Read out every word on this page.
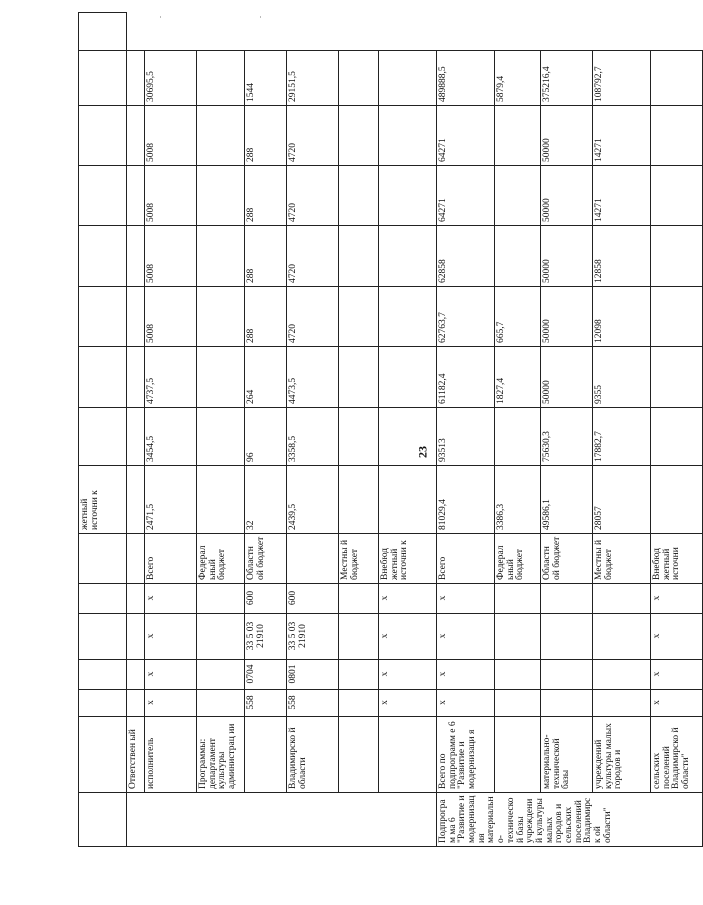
23
							жетный источни к								
	Ответствен ый														
	исполнитель	x	x	x	x	Всего	2471,5	3454,5	4737,5	5008	5008	5008	5008	30695,5	
	Программы: департамент культуры администрац ии					Федерал ьный бюджет									
		558	0704	33 5 03 21910	600	Областн ой бюджет	32	96	264	288	288	288	288	1544	
	Владимирско й области	558	0801	33 5 03 21910	600		2439,5	3358,5	4473,5	4720	4720	4720	4720	29151,5	
						Местны й бюджет									
		x	x	x	x	Внебюд жетный источни к									
Подпрограм ма 6 "Развитие и модернизац ия материальн о-техническо й базы учреждений культуры малых городов и сельских поселений Владимирск ой области"	Всего по подпрограмм е 6 "Развитие и модернизаци я	x	x	x	x	Всего	81029,4	93513	61182,4	62763,7	62858	64271	64271	489888,5	
						Федерал ьный бюджет	3386,3		1827,4	665,7				5879,4	
	материально- технической базы					Областн ой бюджет	49586,1	75630,3	50000	50000	50000	50000	50000	375216,4	
	учреждений культуры малых городов и					Местны й бюджет	28057	17882,7	9355	12098	12858	14271	14271	108792,7	
	сельских поселений Владимирско й области"	x	x	x	x	Внебюд жетный источни									
